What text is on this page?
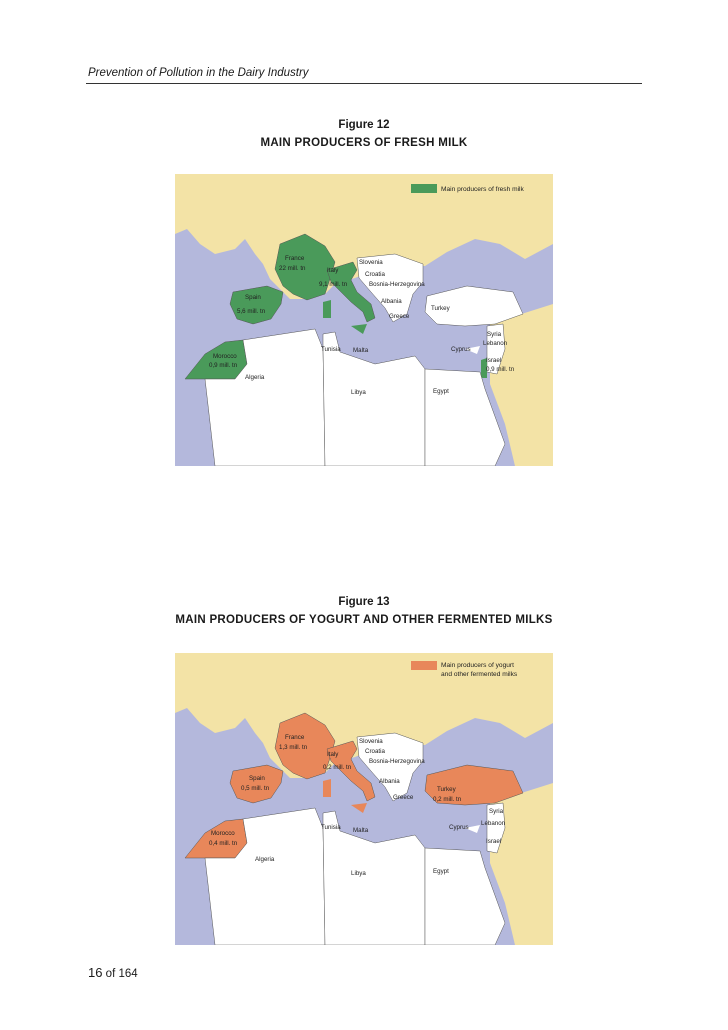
Prevention of Pollution in the Dairy Industry
Figure 12
MAIN PRODUCERS OF FRESH MILK
Main producers of fresh milk
France
22 mill. tn	Italy
9,1 mill. tn
Spain
5,6 mill. tn
Morocco
0,9 mill. tn
Slovenia
Croatia
Bosnia-Herzegovina
Albania
Greece
Turkey
Syria
Lebanon
Cyprus
Israel
0,9 mill. tn
Tunisia Malta
Algeria
Libya	Egypt
Figure 13
MAIN PRODUCERS OF YOGURT AND OTHER FERMENTED MILKS
Main producers of yogurt
and other fermented milks
France
1,3 mill. tn
Italy
0,2 mill. tn
Spain
0,5 mill. tn
Morocco
0,4 mill. tn
Turkey
0,2 mill. tn
Slovenia
Croatia
Bosnia-Herzegovina
Albania
Greece
Syria
Lebanon
Cyprus
Israel
Tunisia Malta
Algeria
Libya	Egypt
16 of 164
